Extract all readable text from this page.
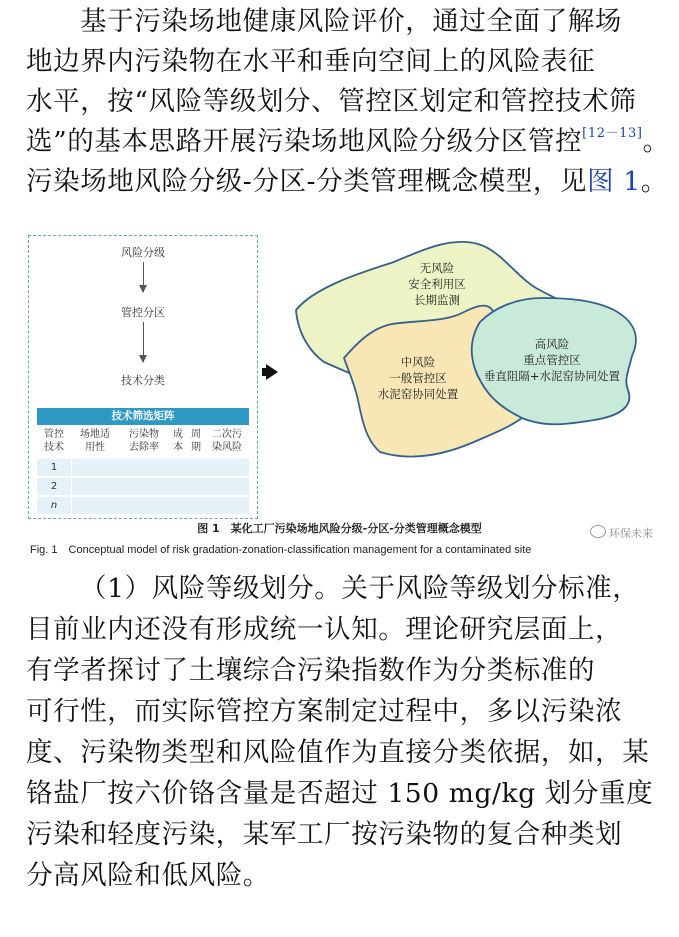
基于污染场地健康风险评价，通过全面了解场
地边界内污染物在水平和垂向空间上的风险表征
水平，按“风险等级划分、管控区划定和管控技术筛
选”的基本思路开展污染场地风险分级分区管控[12－13]。
污染场地风险分级-分区-分类管理概念模型，见图 1。
风险分级
管控分区
技术分类
技术筛选矩阵
管控
技术
场地适
用性
污染物
去除率
成
本
周
期
二次污
染风险
1
2
n
无风险
安全利用区
长期监测
中风险
一般管控区
水泥窑协同处置
高风险
重点管控区
垂直阻隔+水泥窑协同处置
图 1　某化工厂污染场地风险分级-分区-分类管理概念模型	环保未来
Fig. 1　Conceptual model of risk gradation-zonation-classification management for a contaminated site
（1）风险等级划分。关于风险等级划分标准，
目前业内还没有形成统一认知。理论研究层面上，
有学者探讨了土壤综合污染指数作为分类标准的
可行性，而实际管控方案制定过程中，多以污染浓
度、污染物类型和风险值作为直接分类依据，如，某
铬盐厂按六价铬含量是否超过 150 mg/kg 划分重度
污染和轻度污染，某军工厂按污染物的复合种类划
分高风险和低风险。
